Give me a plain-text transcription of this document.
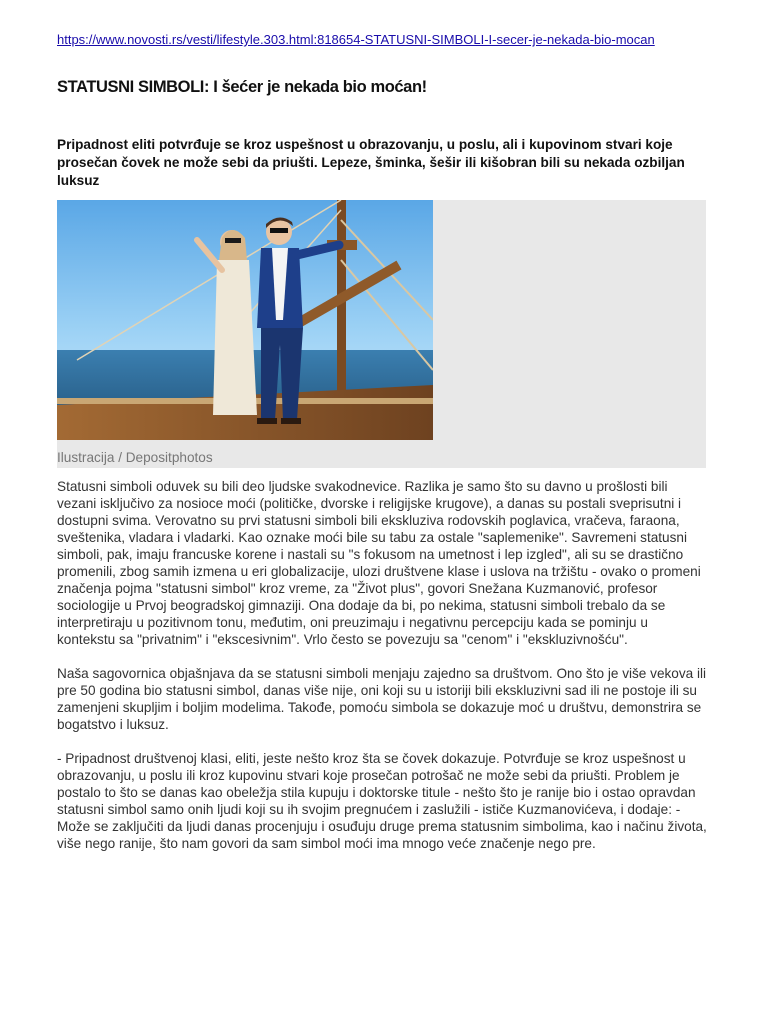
https://www.novosti.rs/vesti/lifestyle.303.html:818654-STATUSNI-SIMBOLI-I-secer-je-nekada-bio-mocan
STATUSNI SIMBOLI: I šećer je nekada bio moćan!
Pripadnost eliti potvrđuje se kroz uspešnost u obrazovanju, u poslu, ali i kupovinom stvari koje prosečan čovek ne može sebi da priušti. Lepeze, šminka, šešir ili kišobran bili su nekada ozbiljan luksuz
Ilustracija / Depositphotos

Statusni simboli oduvek su bili deo ljudske svakodnevice. Razlika je samo što su davno u prošlosti bili vezani isključivo za nosioce moći (političke, dvorske i religijske krugove), a danas su postali sveprisutni i dostupni svima. Verovatno su prvi statusni simboli bili ekskluziva rodovskih poglavica, vračeva, faraona, sveštenika, vladara i vladarki. Kao oznake moći bile su tabu za ostale "saplemenike". Savremeni statusni simboli, pak, imaju francuske korene i nastali su "s fokusom na umetnost i lep izgled", ali su se drastično promenili, zbog samih izmena u eri globalizacije, ulozi društvene klase i uslova na tržištu - ovako o promeni značenja pojma "statusni simbol" kroz vreme, za "Život plus", govori Snežana Kuzmanović, profesor sociologije u Prvoj beogradskoj gimnaziji. Ona dodaje da bi, po nekima, statusni simboli trebalo da se interpretiraju u pozitivnom tonu, međutim, oni preuzimaju i negativnu percepciju kada se pominju u kontekstu sa "privatnim" i "ekscesivnim". Vrlo često se povezuju sa "cenom" i "ekskluzivnošću".

Naša sagovornica objašnjava da se statusni simboli menjaju zajedno sa društvom. Ono što je više vekova ili pre 50 godina bio statusni simbol, danas više nije, oni koji su u istoriji bili ekskluzivni sad ili ne postoje ili su zamenjeni skupljim i boljim modelima. Takođe, pomoću simbola se dokazuje moć u društvu, demonstrira se bogatstvo i luksuz.

- Pripadnost društvenoj klasi, eliti, jeste nešto kroz šta se čovek dokazuje. Potvrđuje se kroz uspešnost u obrazovanju, u poslu ili kroz kupovinu stvari koje prosečan potrošač ne može sebi da priušti. Problem je postalo to što se danas kao obeležja stila kupuju i doktorske titule - nešto što je ranije bio i ostao opravdan statusni simbol samo onih ljudi koji su ih svojim pregnućem i zaslužili - ističe Kuzmanovićeva, i dodaje: - Može se zaključiti da ljudi danas procenjuju i osuđuju druge prema statusnim simbolima, kao i načinu života, više nego ranije, što nam govori da sam simbol moći ima mnogo veće značenje nego pre.
